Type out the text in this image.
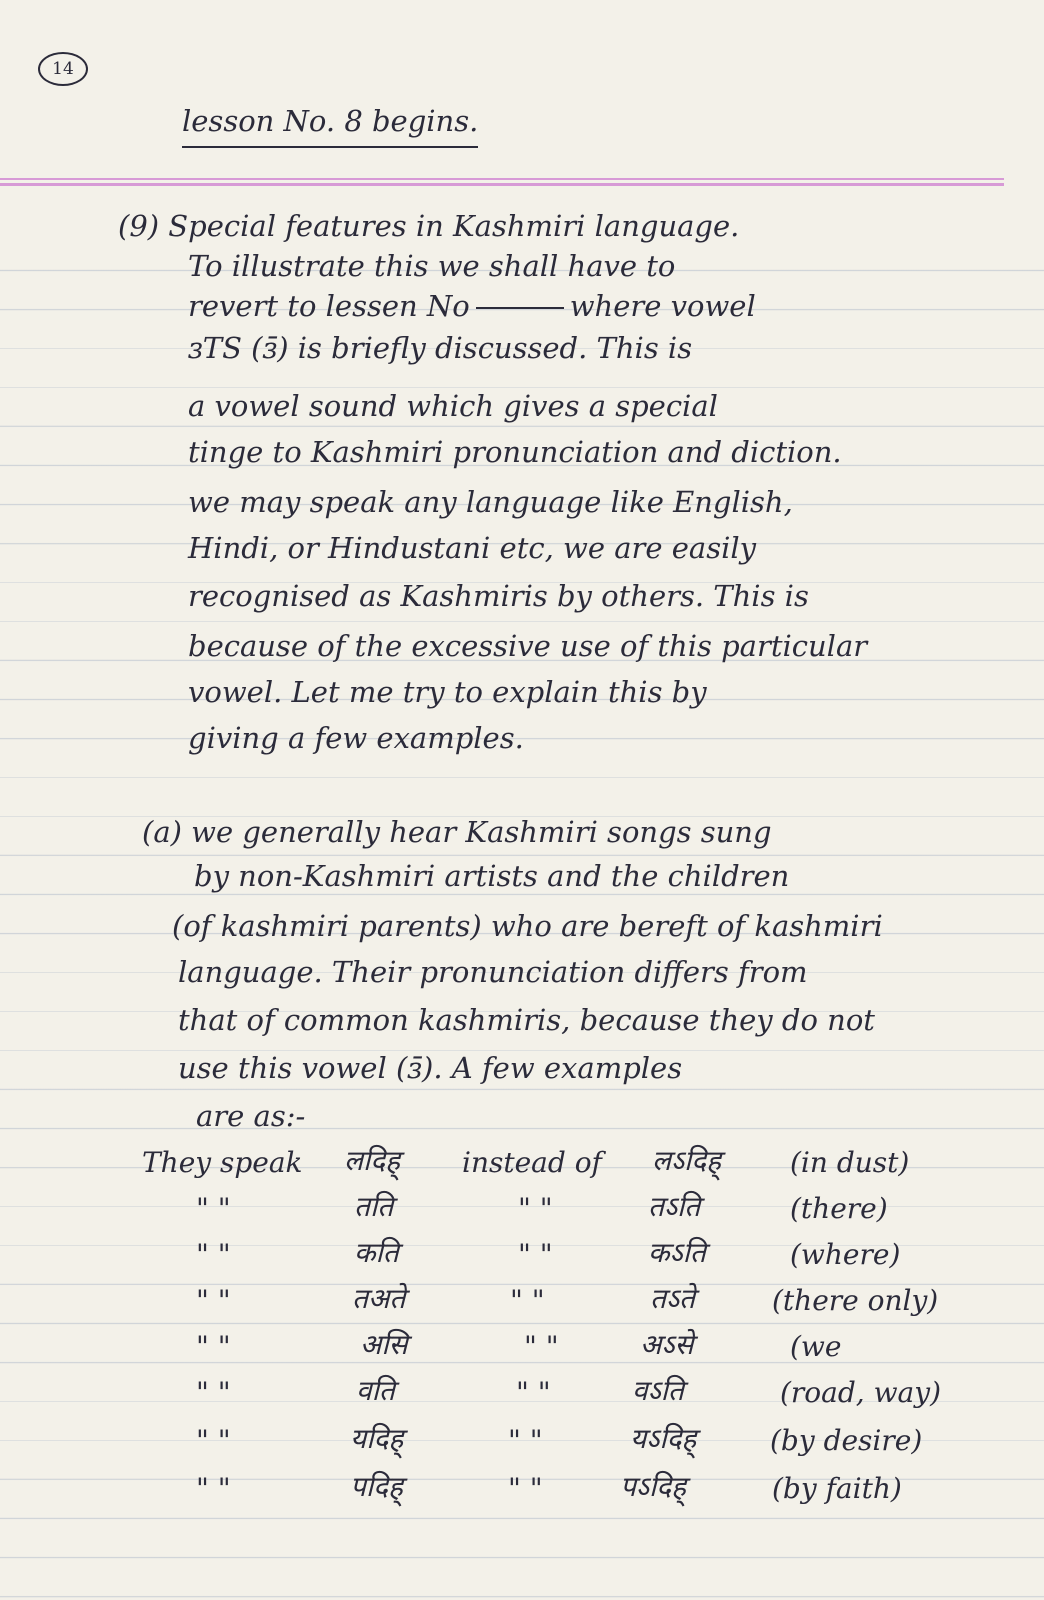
14
lesson No. 8 begins.
(9) Special features in Kashmiri language.
To illustrate this we shall have to
revert to lessen No	where vowel
ɜTS (ɜ̄) is briefly discussed. This is
a vowel sound which gives a special
tinge to Kashmiri pronunciation and diction.
we may speak any language like English,
Hindi, or Hindustani etc, we are easily
recognised as Kashmiris by others. This is
because of the excessive use of this particular
vowel. Let me try to explain this by
giving a few examples.
(a) we generally hear Kashmiri songs sung
by non-Kashmiri artists and the children
(of kashmiri parents) who are bereft of kashmiri
language. Their pronunciation differs from
that of common kashmiris, because they do not
use this vowel (ɜ̄). A few examples
are as:-
They speak लदिह् instead of लऽदिह् (in dust)
" "	तति	" "	तऽति	(there)
" "	कति	" "	कऽति	(where)
" "	तअते	" "	तऽते	(there only)
" "	असि	" "	अऽसे	(we
" "	वति	" "	वऽति	(road, way)
" "	यदिह्	" "	यऽदिह्	(by desire)
" "	पदिह्	" "	पऽदिह्	(by faith)
